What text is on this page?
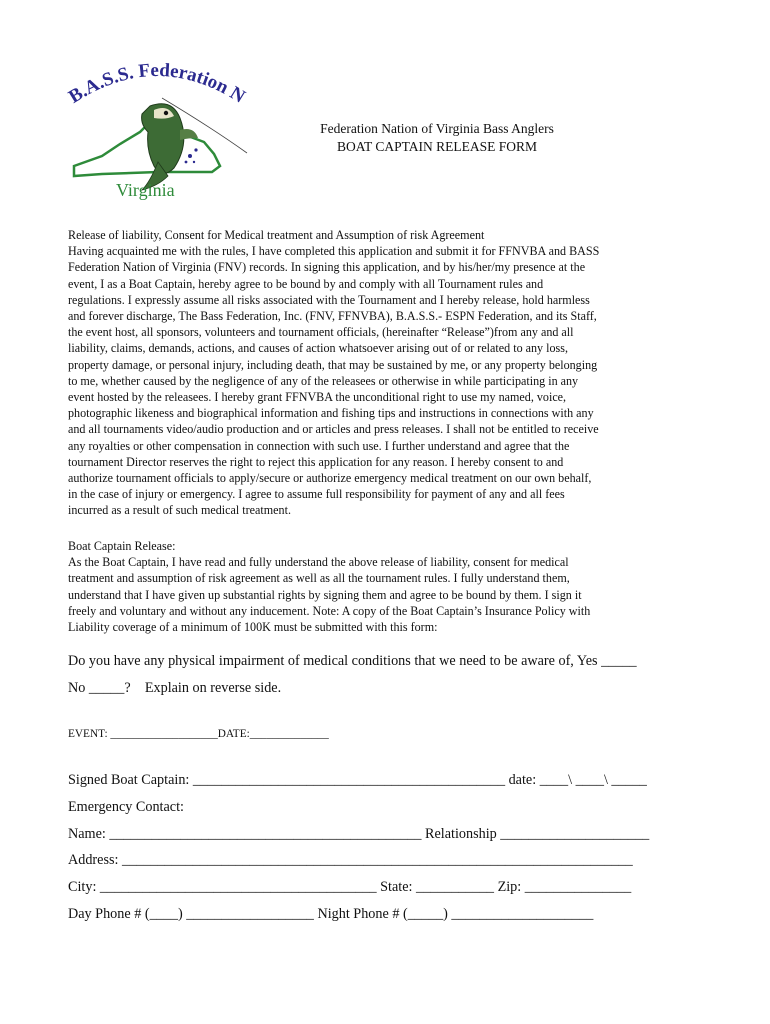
B.A.S.S. Federation N
Virginia
Federation Nation of Virginia Bass Anglers
BOAT CAPTAIN RELEASE FORM
Release of liability, Consent for Medical treatment and Assumption of risk Agreement
Having acquainted me with the rules, I have completed this application and submit it for FFNVBA and BASS
Federation Nation of Virginia (FNV) records. In signing this application, and by his/her/my presence at the
event, I as a Boat Captain, hereby agree to be bound by and comply with all Tournament rules and
regulations. I expressly assume all risks associated with the Tournament and I hereby release, hold harmless
and forever discharge, The Bass Federation, Inc. (FNV, FFNVBA), B.A.S.S.- ESPN Federation, and its Staff,
the event host, all sponsors, volunteers and tournament officials, (hereinafter “Release”)from any and all
liability, claims, demands, actions, and causes of action whatsoever arising out of or related to any loss,
property damage, or personal injury, including death, that may be sustained by me, or any property belonging
to me, whether caused by the negligence of any of the releasees or otherwise in while participating in any
event hosted by the releasees. I hereby grant FFNVBA the unconditional right to use my named, voice,
photographic likeness and biographical information and fishing tips and instructions in connections with any
and all tournaments video/audio production and or articles and press releases. I shall not be entitled to receive
any royalties or other compensation in connection with such use. I further understand and agree that the
tournament Director reserves the right to reject this application for any reason. I hereby consent to and
authorize tournament officials to apply/secure or authorize emergency medical treatment on our own behalf,
in the case of injury or emergency. I agree to assume full responsibility for payment of any and all fees
incurred as a result of such medical treatment.
Boat Captain Release:
As the Boat Captain, I have read and fully understand the above release of liability, consent for medical
treatment and assumption of risk agreement as well as all the tournament rules. I fully understand them,
understand that I have given up substantial rights by signing them and agree to be bound by them. I sign it
freely and voluntary and without any inducement. Note: A copy of the Boat Captain’s Insurance Policy with
Liability coverage of a minimum of 100K must be submitted with this form:
Do you have any physical impairment of medical conditions that we need to be aware of, Yes _____
No _____?    Explain on reverse side.
EVENT: ___________________DATE:______________
Signed Boat Captain: ____________________________________________ date: ____\ ____\ _____
Emergency Contact:
Name: ____________________________________________ Relationship _____________________
Address: ________________________________________________________________________
City: _______________________________________ State: ___________ Zip: _______________
Day Phone # (____) __________________ Night Phone # (_____) ____________________
